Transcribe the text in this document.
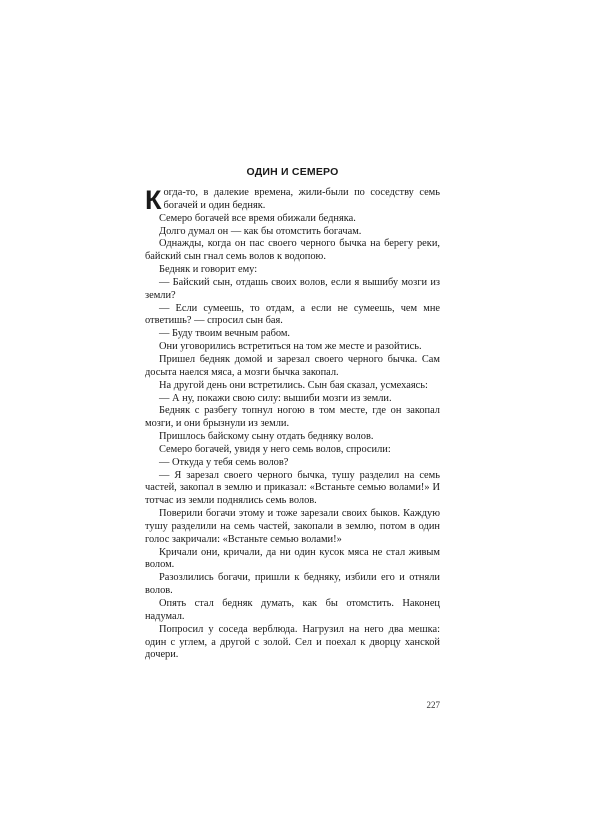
ОДИН И СЕМЕРО

Когда-то, в далекие времена, жили-были по соседству семь богачей и один бедняк.

Семеро богачей все время обижали бедняка.

Долго думал он — как бы отомстить богачам.

Однажды, когда он пас своего черного бычка на берегу реки, байский сын гнал семь волов к водопою.

Бедняк и говорит ему:

— Байский сын, отдашь своих волов, если я вышибу мозги из земли?

— Если сумеешь, то отдам, а если не сумеешь, чем мне ответишь? — спросил сын бая.

— Буду твоим вечным рабом.

Они уговорились встретиться на том же месте и разойтись.

Пришел бедняк домой и зарезал своего черного бычка. Сам досыта наелся мяса, а мозги бычка закопал.

На другой день они встретились. Сын бая сказал, усмехаясь:

— А ну, покажи свою силу: вышиби мозги из земли.

Бедняк с разбегу топнул ногою в том месте, где он закопал мозги, и они брызнули из земли.

Пришлось байскому сыну отдать бедняку волов.

Семеро богачей, увидя у него семь волов, спросили:

— Откуда у тебя семь волов?

— Я зарезал своего черного бычка, тушу разделил на семь частей, закопал в землю и приказал: «Встаньте семью волами!» И тотчас из земли поднялись семь волов.

Поверили богачи этому и тоже зарезали своих быков. Каждую тушу разделили на семь частей, закопали в землю, потом в один голос закричали: «Встаньте семью волами!»

Кричали они, кричали, да ни один кусок мяса не стал живым волом.

Разозлились богачи, пришли к бедняку, избили его и отняли волов.

Опять стал бедняк думать, как бы отомстить. Наконец надумал.

Попросил у соседа верблюда. Нагрузил на него два мешка: один с углем, а другой с золой. Сел и поехал к дворцу ханской дочери.

227
